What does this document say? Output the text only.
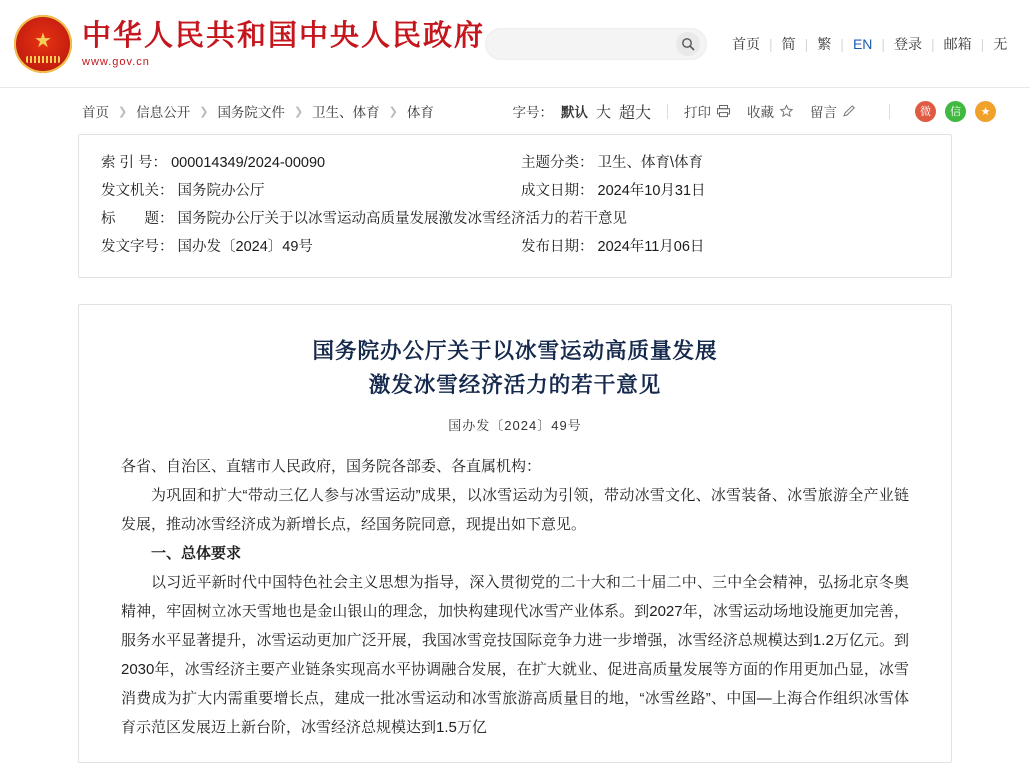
★
中华人民共和国中央人民政府
www.gov.cn
首页 | 简 | 繁 | EN | 登录 | 邮箱 | 无
首页 ❯ 信息公开 ❯ 国务院文件 ❯ 卫生、体育 ❯ 体育	字号： 默认 大 超大 打印	收藏	留言	微	信	★
索 引 号： 000014349/2024-00090	主题分类： 卫生、体育\体育
发文机关： 国务院办公厅	成文日期： 2024年10月31日
标　　题： 国务院办公厅关于以冰雪运动高质量发展激发冰雪经济活力的若干意见
发文字号： 国办发〔2024〕49号	发布日期： 2024年11月06日
国务院办公厅关于以冰雪运动高质量发展
激发冰雪经济活力的若干意见
国办发〔2024〕49号

各省、自治区、直辖市人民政府，国务院各部委、各直属机构：

为巩固和扩大“带动三亿人参与冰雪运动”成果，以冰雪运动为引领，带动冰雪文化、冰雪装备、冰雪旅游全产业链发展，推动冰雪经济成为新增长点，经国务院同意，现提出如下意见。

一、总体要求

以习近平新时代中国特色社会主义思想为指导，深入贯彻党的二十大和二十届二中、三中全会精神，弘扬北京冬奥精神，牢固树立冰天雪地也是金山银山的理念，加快构建现代冰雪产业体系。到2027年，冰雪运动场地设施更加完善，服务水平显著提升，冰雪运动更加广泛开展，我国冰雪竞技国际竞争力进一步增强，冰雪经济总规模达到1.2万亿元。到2030年，冰雪经济主要产业链条实现高水平协调融合发展，在扩大就业、促进高质量发展等方面的作用更加凸显，冰雪消费成为扩大内需重要增长点，建成一批冰雪运动和冰雪旅游高质量目的地，“冰雪丝路”、中国—上海合作组织冰雪体育示范区发展迈上新台阶，冰雪经济总规模达到1.5万亿
